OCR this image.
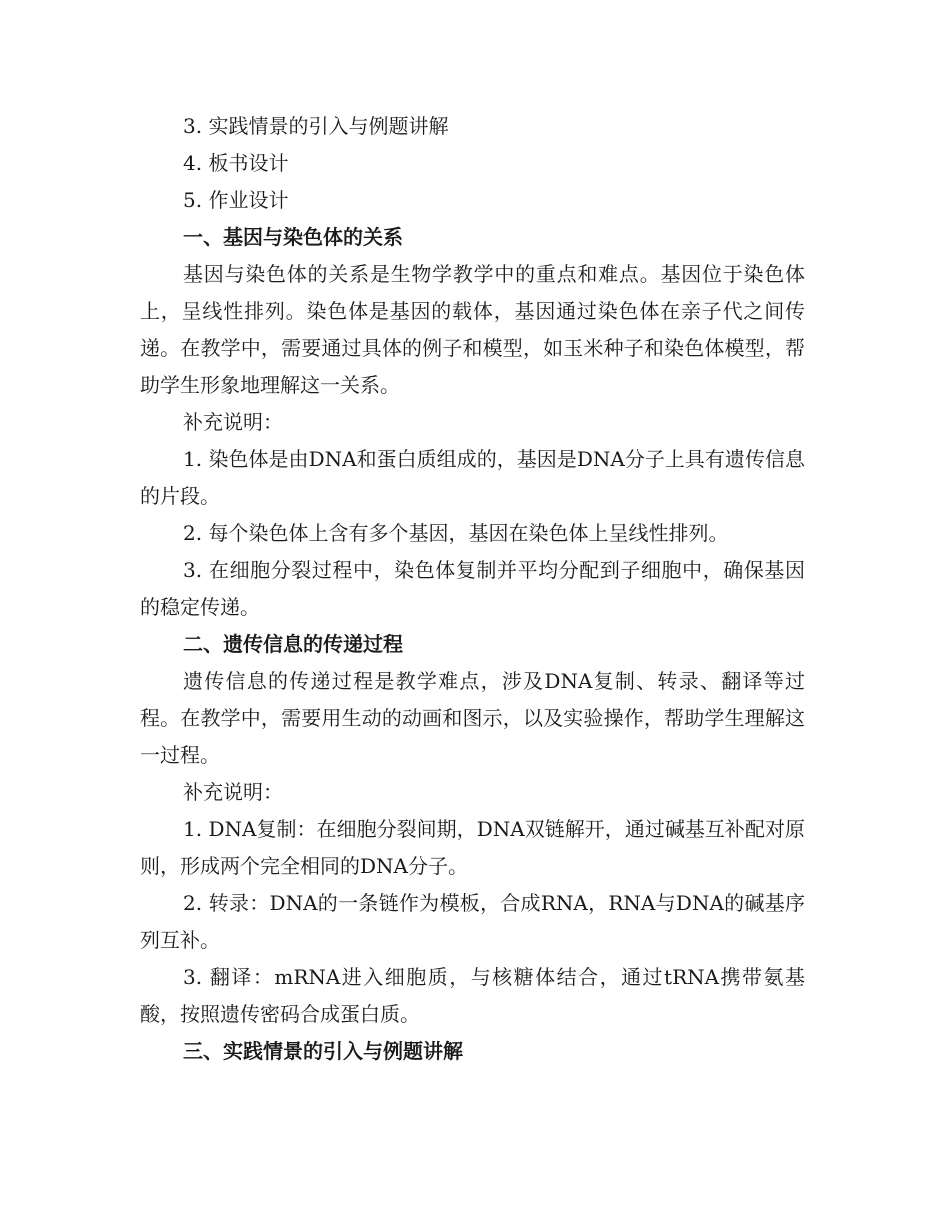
3. 实践情景的引入与例题讲解

4. 板书设计

5. 作业设计

一、基因与染色体的关系

基因与染色体的关系是生物学教学中的重点和难点。基因位于染色体上，呈线性排列。染色体是基因的载体，基因通过染色体在亲子代之间传递。在教学中，需要通过具体的例子和模型，如玉米种子和染色体模型，帮助学生形象地理解这一关系。

补充说明：

1. 染色体是由DNA和蛋白质组成的，基因是DNA分子上具有遗传信息的片段。

2. 每个染色体上含有多个基因，基因在染色体上呈线性排列。

3. 在细胞分裂过程中，染色体复制并平均分配到子细胞中，确保基因的稳定传递。

二、遗传信息的传递过程

遗传信息的传递过程是教学难点，涉及DNA复制、转录、翻译等过程。在教学中，需要用生动的动画和图示，以及实验操作，帮助学生理解这一过程。

补充说明：

1. DNA复制：在细胞分裂间期，DNA双链解开，通过碱基互补配对原则，形成两个完全相同的DNA分子。

2. 转录：DNA的一条链作为模板，合成RNA，RNA与DNA的碱基序列互补。

3. 翻译：mRNA进入细胞质，与核糖体结合，通过tRNA携带氨基酸，按照遗传密码合成蛋白质。

三、实践情景的引入与例题讲解
